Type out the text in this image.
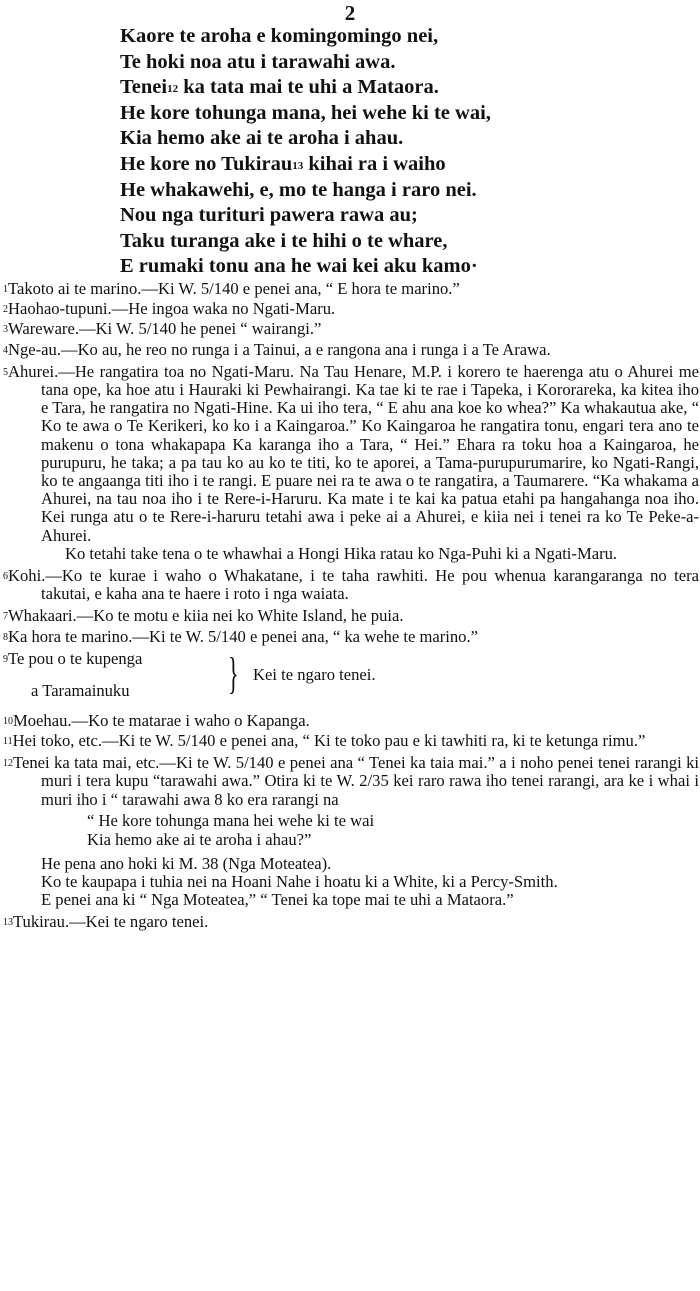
2
Kaore te aroha e komingomingo nei,
Te hoki noa atu i tarawahi awa.
Tenei$^{12}$ ka tata mai te uhi a Mataora.
He kore tohunga mana, hei wehe ki te wai,
Kia hemo ake ai te aroha i ahau.
He kore no Tukirau$^{13}$ kihai ra i waiho
He whakawehi, e, mo te hanga i raro nei.
Nou nga turituri pawera rawa au;
Taku turanga ake i te hihi o te whare,
E rumaki tonu ana he wai kei aku kamo·
$^1$Takoto ai te marino.—Ki W. 5/140 e penei ana, “ E hora te marino.”
$^2$Haohao-tupuni.—He ingoa waka no Ngati-Maru.
$^3$Wareware.—Ki W. 5/140 he penei “ wairangi.”
$^4$Nge-au.—Ko au, he reo no runga i a Tainui, a e rangona ana i runga i a Te Arawa.
$^5$Ahurei.—He rangatira toa no Ngati-Maru. Na Tau Henare, M.P. i korero te haerenga atu o Ahurei me tana ope, ka hoe atu i Hauraki ki Pewhairangi. Ka tae ki te rae i Tapeka, i Kororareka, ka kitea iho e Tara, he rangatira no Ngati-Hine. Ka ui iho tera, “ E ahu ana koe ko whea?” Ka whakautua ake, “ Ko te awa o Te Kerikeri, ko ko i a Kaingaroa.” Ko Kaingaroa he rangatira tonu, engari tera ano te makenu o tona whakapapa Ka karanga iho a Tara, “ Hei.” Ehara ra toku hoa a Kaingaroa, he purupuru, he taka; a pa tau ko au ko te titi, ko te aporei, a Tama-purupurumarire, ko Ngati-Rangi, ko te angaanga titi iho i te rangi. E puare nei ra te awa o te rangatira, a Taumarere. “Ka whakama a Ahurei, na tau noa iho i te Rere-i-Haruru. Ka mate i te kai ka patua etahi pa hangahanga noa iho. Kei runga atu o te Rere-i-haruru tetahi awa i peke ai a Ahurei, e kiia nei i tenei ra ko Te Peke-a-Ahurei.
Ko tetahi take tena o te whawhai a Hongi Hika ratau ko Nga-Puhi ki a Ngati-Maru.
$^6$Kohi.—Ko te kurae i waho o Whakatane, i te taha rawhiti. He pou whenua karangaranga no tera takutai, e kaha ana te haere i roto i nga waiata.
$^7$Whakaari.—Ko te motu e kiia nei ko White Island, he puia.
$^8$Ka hora te marino.—Ki te W. 5/140 e penei ana, “ ka wehe te marino.”
$^9$Te pou o te kupenga
a Taramainuku } Kei te ngaro tenei.
$^{10}$Moehau.—Ko te matarae i waho o Kapanga.
$^{11}$Hei toko, etc.—Ki te W. 5/140 e penei ana, “ Ki te toko pau e ki tawhiti ra, ki te ketunga rimu.”
$^{12}$Tenei ka tata mai, etc.—Ki te W. 5/140 e penei ana “ Tenei ka taia mai.” a i noho penei tenei rarangi ki muri i tera kupu “tarawahi awa.” Otira ki te W. 2/35 kei raro rawa iho tenei rarangi, ara ke i whai i muri iho i “ tarawahi awa 8 ko era rarangi na
“ He kore tohunga mana hei wehe ki te wai
Kia hemo ake ai te aroha i ahau?”
He pena ano hoki ki M. 38 (Nga Moteatea).
Ko te kaupapa i tuhia nei na Hoani Nahe i hoatu ki a White, ki a Percy-Smith.
E penei ana ki “ Nga Moteatea,” “ Tenei ka tope mai te uhi a Mataora.”
$^{13}$Tukirau.—Kei te ngaro tenei.
